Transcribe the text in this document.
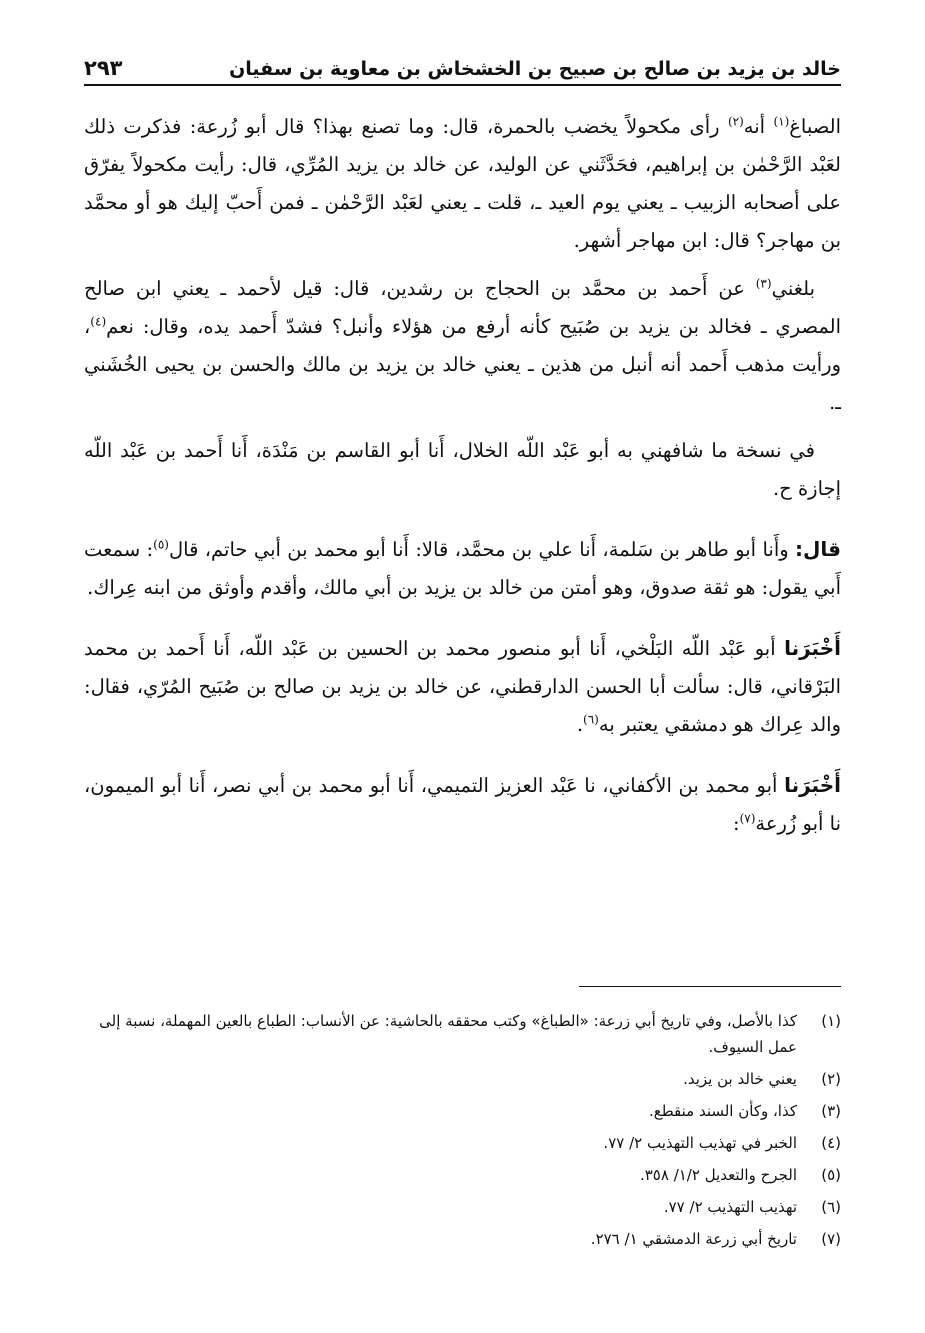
خالد بن يزيد بن صالح بن صبيح بن الخشخاش بن معاوية بن سفيان
٢٩٣

الصباغ$^{(١)}$ أنه$^{(٢)}$ رأى مكحولاً يخضب بالحمرة، قال: وما تصنع بهذا؟ قال أبو زُرعة: فذكرت ذلك لعَبْد الرَّحْمٰن بن إبراهيم، فحَدَّثَني عن الوليد، عن خالد بن يزيد المُرِّي، قال: رأيت مكحولاً يفرّق على أصحابه الزبيب ـ يعني يوم العيد ـ، قلت ـ يعني لعَبْد الرَّحْمٰن ـ فمن أَحبّ إليك هو أو محمَّد بن مهاجر؟ قال: ابن مهاجر أشهر.

بلغني$^{(٣)}$ عن أَحمد بن محمَّد بن الحجاج بن رشدين، قال: قيل لأحمد ـ يعني ابن صالح المصري ـ فخالد بن يزيد بن صُبَيح كأنه أرفع من هؤلاء وأنبل؟ فشدّ أَحمد يده، وقال: نعم$^{(٤)}$، ورأيت مذهب أَحمد أنه أنبل من هذين ـ يعني خالد بن يزيد بن مالك والحسن بن يحيى الخُشَني ـ.

في نسخة ما شافهني به أبو عَبْد اللّه الخلال، أَنا أبو القاسم بن مَنْدَة، أَنا أَحمد بن عَبْد اللّه إجازة ح.

قال: وأَنا أبو طاهر بن سَلمة، أَنا علي بن محمَّد، قالا: أَنا أبو محمد بن أبي حاتم، قال$^{(٥)}$: سمعت أَبي يقول: هو ثقة صدوق، وهو أمتن من خالد بن يزيد بن أبي مالك، وأقدم وأوثق من ابنه عِراك.

أَخْبَرَنا أبو عَبْد اللّه البَلْخي، أَنا أبو منصور محمد بن الحسين بن عَبْد اللّه، أَنا أَحمد بن محمد البَرْقاني، قال: سألت أبا الحسن الدارقطني، عن خالد بن يزيد بن صالح بن صُبَيح المُرّي، فقال: والد عِراك هو دمشقي يعتبر به$^{(٦)}$.

أَخْبَرَنا أبو محمد بن الأكفاني، نا عَبْد العزيز التميمي، أَنا أبو محمد بن أبي نصر، أَنا أبو الميمون، نا أبو زُرعة$^{(٧)}$:

(١)
كذا بالأصل، وفي تاريخ أبي زرعة: «الطباغ» وكتب محققه بالحاشية: عن الأنساب: الطباع بالعين المهملة، نسبة إلى عمل السيوف.
(٢)
يعني خالد بن يزيد.
(٣)
كذا، وكأن السند منقطع.
(٤)
الخبر في تهذيب التهذيب ٢/ ٧٧.
(٥)
الجرح والتعديل ١/٢/ ٣٥٨.
(٦)
تهذيب التهذيب ٢/ ٧٧.
(٧)
تاريخ أبي زرعة الدمشقي ١/ ٢٧٦.
